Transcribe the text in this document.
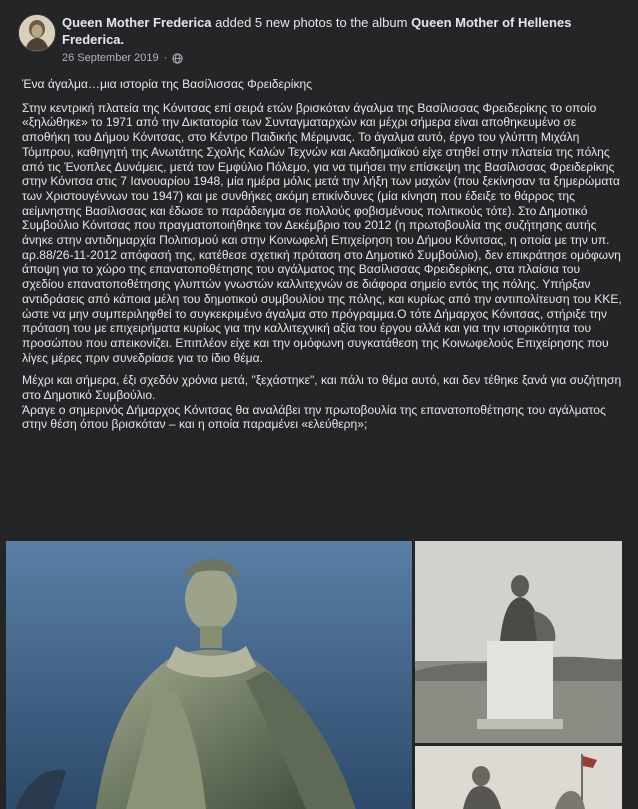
Queen Mother Frederica added 5 new photos to the album Queen Mother of Hellenes Frederica.
26 September 2019 ·

Ένα άγαλμα…μια ιστορία της Βασίλισσας Φρειδερίκης

Στην κεντρική πλατεία της Κόνιτσας επί σειρά ετών βρισκόταν άγαλμα της Βασίλισσας Φρειδερίκης το οποίο «ξηλώθηκε» το 1971 από την Δικτατορία των Συνταγματαρχών και μέχρι σήμερα είναι αποθηκευμένο σε αποθήκη του Δήμου Κόνιτσας, στο Κέντρο Παιδικής Μέριμνας. Το άγαλμα αυτό, έργο του γλύπτη Μιχάλη Τόμπρου, καθηγητή της Ανωτάτης Σχολής Καλών Τεχνών και Ακαδημαϊκού είχε στηθεί στην πλατεία της πόλης από τις Ένοπλες Δυνάμεις, μετά τον Εμφύλιο Πόλεμο, για να τιμήσει την επίσκεψη της Βασίλισσας Φρειδερίκης στην Κόνιτσα στις 7 Ιανουαρίου 1948, μία ημέρα μόλις μετά την λήξη των μαχών (που ξεκίνησαν τα ξημερώματα των Χριστουγέννων του 1947) και με συνθήκες ακόμη επικίνδυνες (μία κίνηση που έδειξε το θάρρος της αείμνηστης Βασίλισσας και έδωσε το παράδειγμα σε πολλούς φοβισμένους πολιτικούς τότε). Στο Δημοτικό Συμβούλιο Κόνιτσας που πραγματοποιήθηκε τον Δεκέμβριο του 2012 (η πρωτοβουλία της συζήτησης αυτής άνηκε στην αντιδημαρχία Πολιτισμού και στην Κοινωφελή Επιχείρηση του Δήμου Κόνιτσας, η οποία με την υπ. αρ.88/26-11-2012 απόφασή της, κατέθεσε σχετική πρόταση στο Δημοτικό Συμβούλιο), δεν επικράτησε ομόφωνη άποψη για το χώρο της επανατοποθέτησης του αγάλματος της Βασίλισσας Φρειδερίκης, στα πλαίσια του σχεδίου επανατοποθέτησης γλυπτών γνωστών καλλιτεχνών σε διάφορα σημείο εντός της πόλης. Υπήρξαν αντιδράσεις από κάποια μέλη του δημοτικού συμβουλίου της πόλης, και κυρίως από την αντιπολίτευση του ΚΚΕ, ώστε να μην συμπεριληφθεί το συγκεκριμένο άγαλμα στο πρόγραμμα.Ο τότε Δήμαρχος Κόνιτσας, στήριξε την πρόταση του με επιχειρήματα κυρίως για την καλλιτεχνική αξία του έργου αλλά και για την ιστορικότητα του προσώπου που απεικονίζει. Επιπλέον είχε και την ομόφωνη συγκατάθεση της Κοινωφελούς Επιχείρησης που λίγες μέρες πριν συνεδρίασε για το ίδιο θέμα.

Μέχρι και σήμερα, έξι σχεδόν χρόνια μετά, "ξεχάστηκε", και πάλι το θέμα αυτό, και δεν τέθηκε ξανά για συζήτηση στο Δημοτικό Συμβούλιο.
Άραγε ο σημερινός Δήμαρχος Κόνιτσας θα αναλάβει την πρωτοβουλία της επανατοποθέτησης του αγάλματος στην θέση όπου βρισκόταν – και η οποία παραμένει «ελεύθερη»;
